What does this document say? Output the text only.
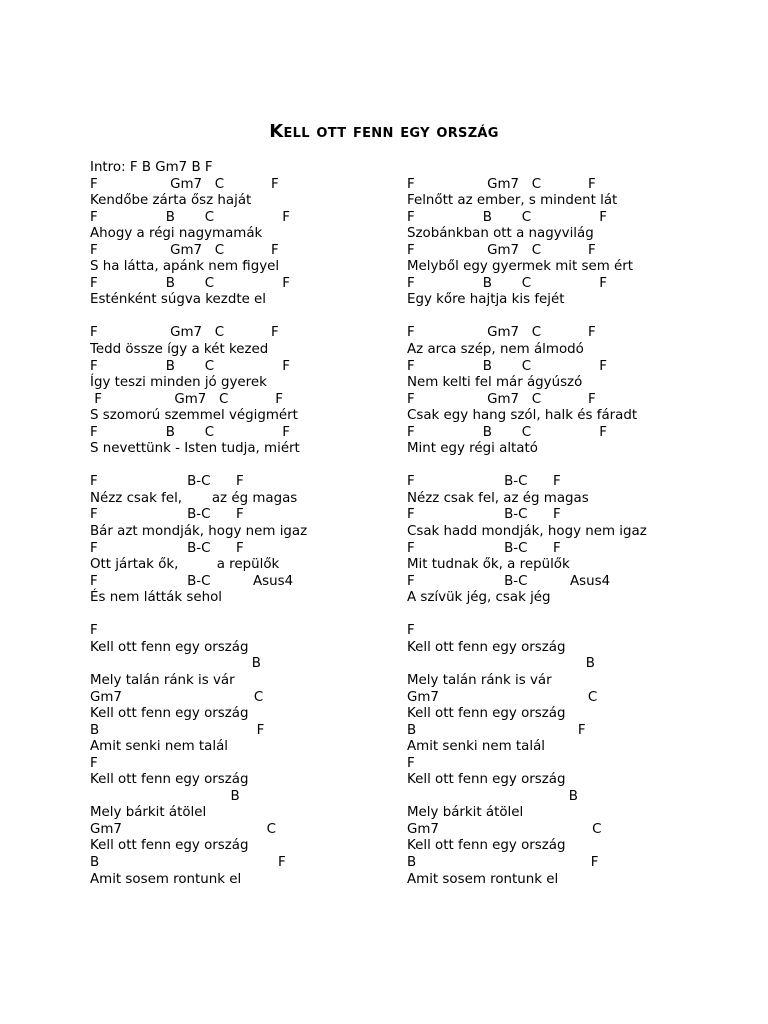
Kell ott fenn egy ország
Intro: F B Gm7 B F
F                 Gm7   C           F
Kendőbe zárta ősz haját
F                B       C                F
Ahogy a régi nagymamák
F                 Gm7   C           F
S ha látta, apánk nem figyel
F                B       C                F
Esténként súgva kezdte el
F                 Gm7   C           F
Tedd össze így a két kezed
F                B       C                F
Így teszi minden jó gyerek
F                 Gm7   C           F
S szomorú szemmel végigmért
F                B       C                F
S nevettünk - Isten tudja, miért
F                     B-C      F
Nézz csak fel,       az ég magas
F                     B-C      F
Bár azt mondják, hogy nem igaz
F                     B-C      F
Ott jártak ők,         a repülők
F                     B-C          Asus4
És nem látták sehol
F
Kell ott fenn egy ország
B
Mely talán ránk is vár
Gm7                               C
Kell ott fenn egy ország
B                                     F
Amit senki nem talál
F
Kell ott fenn egy ország
B
Mely bárkit átölel
Gm7                                  C
Kell ott fenn egy ország
B                                          F
Amit sosem rontunk el
F                 Gm7   C           F
Felnőtt az ember, s mindent lát
F                B       C                F
Szobánkban ott a nagyvilág
F                 Gm7   C           F
Melyből egy gyermek mit sem ért
F                B       C                F
Egy kőre hajtja kis fejét
F                 Gm7   C           F
Az arca szép, nem álmodó
F                B       C                F
Nem kelti fel már ágyúszó
F                 Gm7   C           F
Csak egy hang szól, halk és fáradt
F                B       C                F
Mint egy régi altató
F                     B-C      F
Nézz csak fel, az ég magas
F                     B-C      F
Csak hadd mondják, hogy nem igaz
F                     B-C      F
Mit tudnak ők, a repülők
F                     B-C          Asus4
A szívük jég, csak jég
F
Kell ott fenn egy ország
B
Mely talán ránk is vár
Gm7                                   C
Kell ott fenn egy ország
B                                      F
Amit senki nem talál
F
Kell ott fenn egy ország
B
Mely bárkit átölel
Gm7                                    C
Kell ott fenn egy ország
B                                         F
Amit sosem rontunk el
